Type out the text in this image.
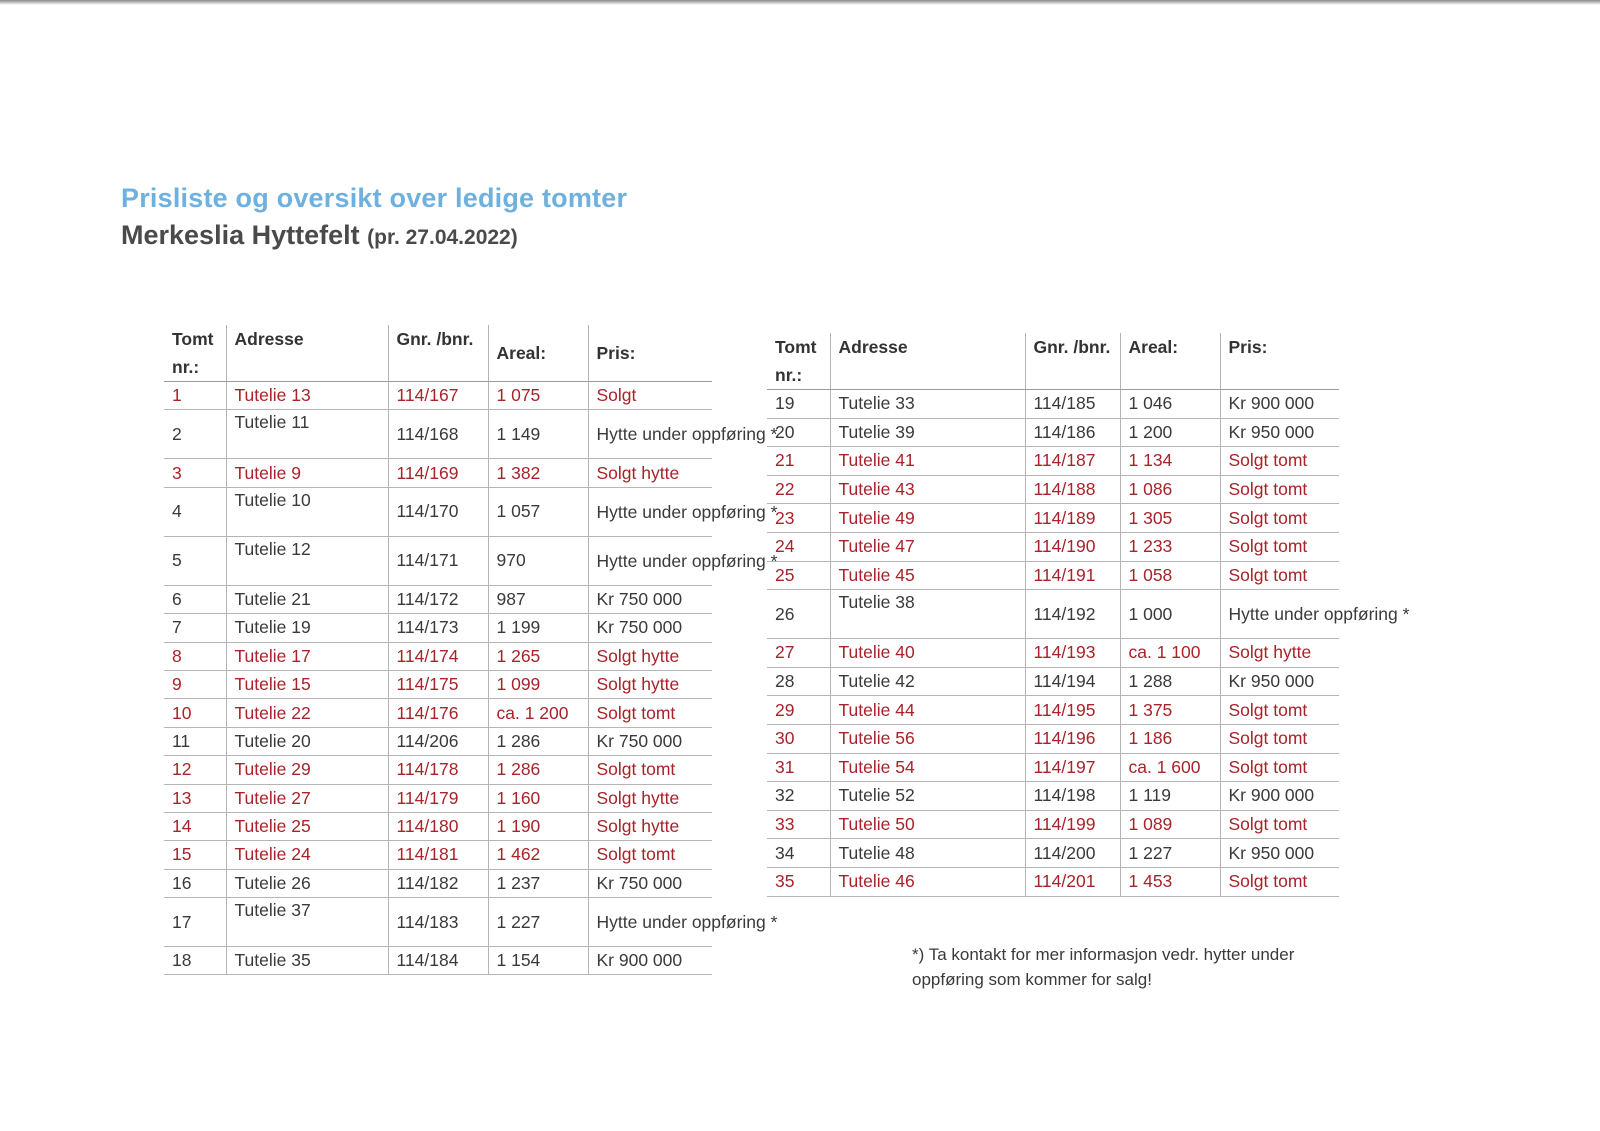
Prisliste og oversikt over ledige tomter
Merkeslia Hyttefelt (pr. 27.04.2022)
Tomt nr.:	Adresse	Gnr. /bnr.	Areal:	Pris:
1	Tutelie 13	114/167	1 075	Solgt
2	Tutelie 11	114/168	1 149	Hytte under oppføring *
3	Tutelie 9	114/169	1 382	Solgt hytte
4	Tutelie 10	114/170	1 057	Hytte under oppføring *
5	Tutelie 12	114/171	970	Hytte under oppføring *
6	Tutelie 21	114/172	987	Kr 750 000
7	Tutelie 19	114/173	1 199	Kr 750 000
8	Tutelie 17	114/174	1 265	Solgt hytte
9	Tutelie 15	114/175	1 099	Solgt hytte
10	Tutelie 22	114/176	ca. 1 200	Solgt tomt
11	Tutelie 20	114/206	1 286	Kr 750 000
12	Tutelie 29	114/178	1 286	Solgt tomt
13	Tutelie 27	114/179	1 160	Solgt hytte
14	Tutelie 25	114/180	1 190	Solgt hytte
15	Tutelie 24	114/181	1 462	Solgt tomt
16	Tutelie 26	114/182	1 237	Kr 750 000
17	Tutelie 37	114/183	1 227	Hytte under oppføring *
18	Tutelie 35	114/184	1 154	Kr 900 000
Tomt nr.:	Adresse	Gnr. /bnr.	Areal:	Pris:
19	Tutelie 33	114/185	1 046	Kr 900 000
20	Tutelie 39	114/186	1 200	Kr 950 000
21	Tutelie 41	114/187	1 134	Solgt tomt
22	Tutelie 43	114/188	1 086	Solgt tomt
23	Tutelie 49	114/189	1 305	Solgt tomt
24	Tutelie 47	114/190	1 233	Solgt tomt
25	Tutelie 45	114/191	1 058	Solgt tomt
26	Tutelie 38	114/192	1 000	Hytte under oppføring *
27	Tutelie 40	114/193	ca. 1 100	Solgt hytte
28	Tutelie 42	114/194	1 288	Kr 950 000
29	Tutelie 44	114/195	1 375	Solgt tomt
30	Tutelie 56	114/196	1 186	Solgt tomt
31	Tutelie 54	114/197	ca. 1 600	Solgt tomt
32	Tutelie 52	114/198	1 119	Kr 900 000
33	Tutelie 50	114/199	1 089	Solgt tomt
34	Tutelie 48	114/200	1 227	Kr 950 000
35	Tutelie 46	114/201	1 453	Solgt tomt

*) Ta kontakt for mer informasjon vedr. hytter under oppføring som kommer for salg!
